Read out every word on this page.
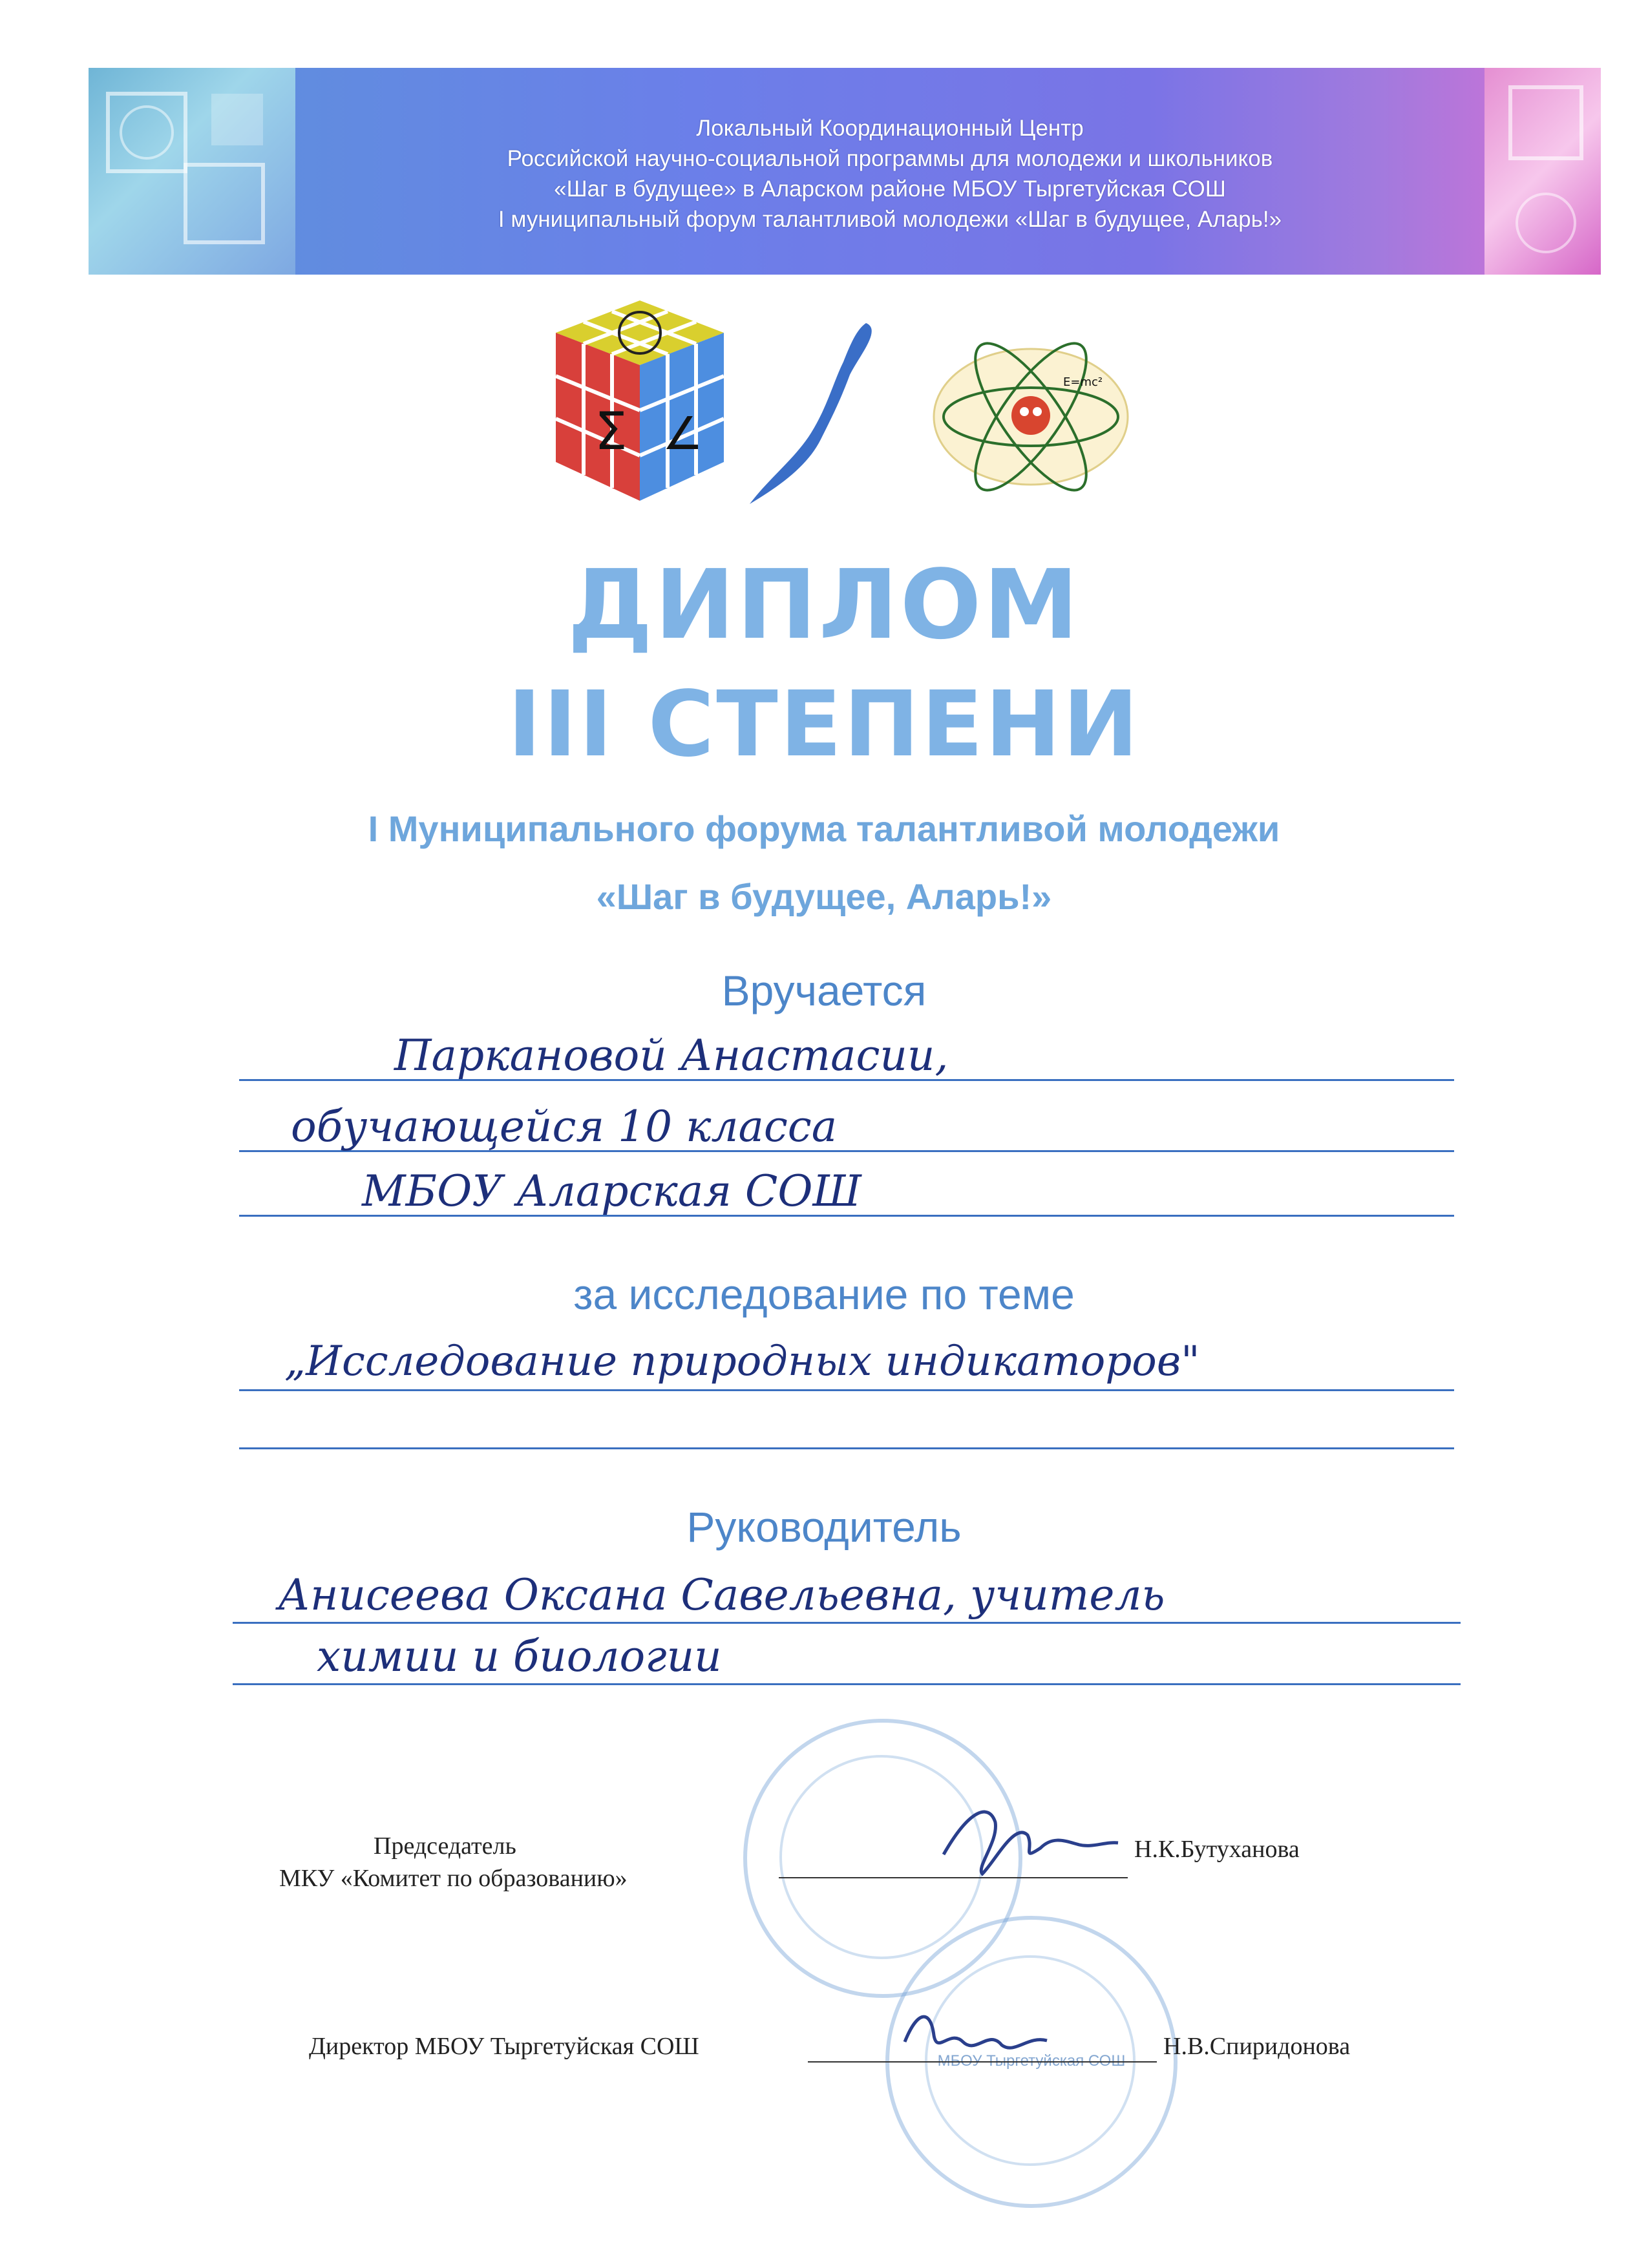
Локальный Координационный Центр
Российской научно-социальной программы для молодежи и школьников
«Шаг в будущее» в Аларском районе МБОУ Тыргетуйская СОШ
I муниципальный форум талантливой молодежи «Шаг в будущее, Аларь!»
Σ ∠
E=mc²
ДИПЛОМ
III СТЕПЕНИ
I Муниципального форума талантливой молодежи
«Шаг в будущее, Аларь!»
Вручается
Паркановой Анастасии,
обучающейся 10 класса
МБОУ Аларская СОШ
за исследование по теме
„Исследование природных индикаторов"
Руководитель
Анисеева Оксана Савельевна, учитель
химии и биологии
МБОУ Тыргетуйская СОШ
Председатель
МКУ «Комитет по образованию»
Н.К.Бутуханова
Директор МБОУ Тыргетуйская СОШ	Н.В.Спиридонова
